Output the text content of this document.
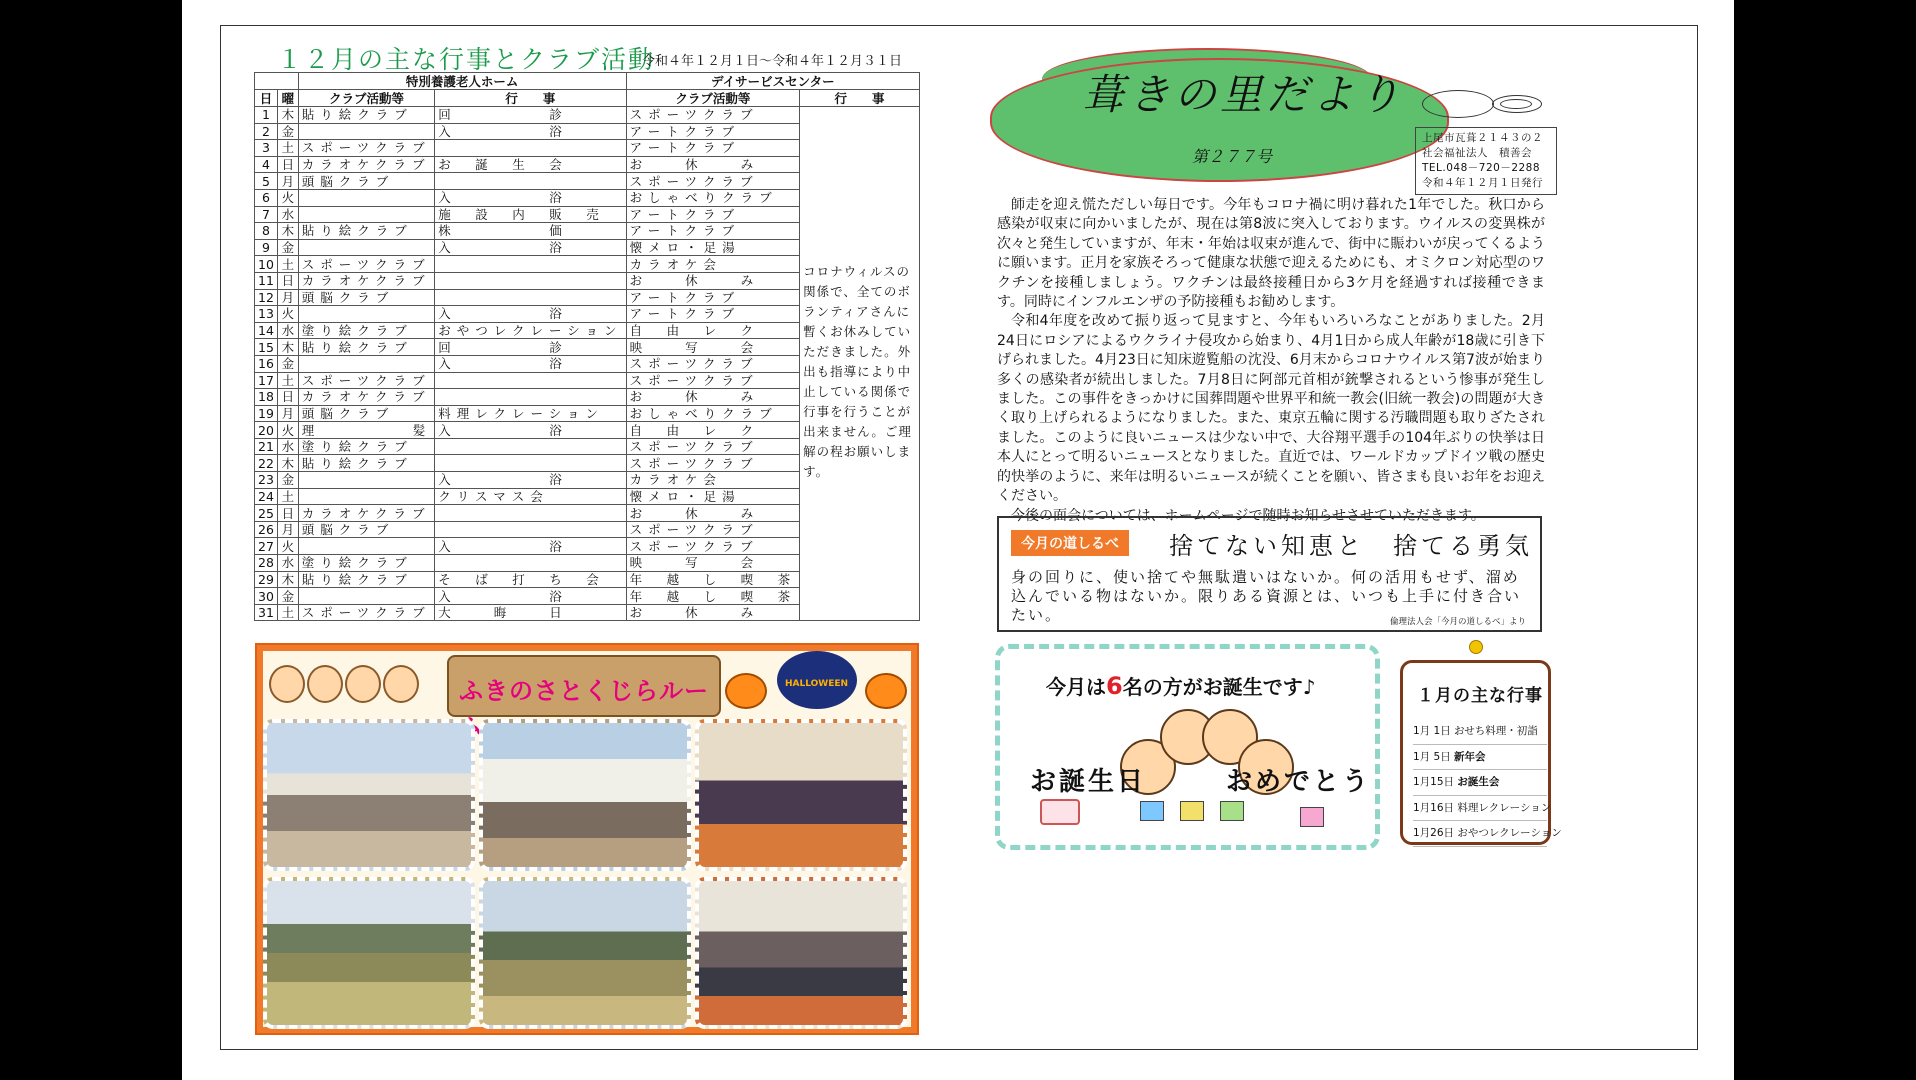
１２月の主な行事とクラブ活動
令和４年１２月１日～令和４年１２月３１日
		特別養護老人ホーム		デイサービスセンター	
日	曜	クラブ活動等	行　　事	クラブ活動等	行　　事
1	木	貼り絵クラブ	回　　　　　診	スポーツクラブ	コロナウィルスの関係で、全てのボランティアさんに暫くお休みしていただきました。外出も指導により中止している関係で行事を行うことが出来ません。ご理解の程お願いします。
2	金		入　　　　　浴	アートクラブ	
3	土	スポーツクラブ		アートクラブ	
4	日	カラオケクラブ	お　誕　生　会	お　　休　　み	
5	月	頭脳クラブ		スポーツクラブ	
6	火		入　　　　　浴	おしゃべりクラブ	
7	水		施　設　内　販　売	アートクラブ	
8	木	貼り絵クラブ	株　　　　　価	アートクラブ	
9	金		入　　　　　浴	懐メロ・足湯	
10	土	スポーツクラブ		カラオケ会	
11	日	カラオケクラブ		お　　休　　み	
12	月	頭脳クラブ		アートクラブ	
13	火		入　　　　　浴	アートクラブ	
14	水	塗り絵クラブ	おやつレクレーション	自　由　レ　ク	
15	木	貼り絵クラブ	回　　　　　診	映　　写　　会	
16	金		入　　　　　浴	スポーツクラブ	
17	土	スポーツクラブ		スポーツクラブ	
18	日	カラオケクラブ		お　　休　　み	
19	月	頭脳クラブ	料理レクレーション	おしゃべりクラブ	
20	火	理　　　　　髪	入　　　　　浴	自　由　レ　ク	
21	水	塗り絵クラブ		スポーツクラブ	
22	木	貼り絵クラブ		スポーツクラブ	
23	金		入　　　　　浴	カラオケ会	
24	土		クリスマス会	懐メロ・足湯	
25	日	カラオケクラブ		お　　休　　み	
26	月	頭脳クラブ		スポーツクラブ	
27	火		入　　　　　浴	スポーツクラブ	
28	水	塗り絵クラブ		映　　写　　会	
29	木	貼り絵クラブ	そ　ば　打　ち　会	年　越　し　喫　茶	
30	金		入　　　　　浴	年　越　し　喫　茶	
31	土	スポーツクラブ	大　　晦　　日	お　　休　　み	
ふきのさとくじらルー	HALLOWEEN
葺きの里だより
第２７７号
上尾市瓦葺２１４３の２
社会福祉法人　積善会
TEL.048－720－2288
令和４年１２月１日発行

師走を迎え慌ただしい毎日です。今年もコロナ禍に明け暮れた1年でした。秋口から感染が収束に向かいましたが、現在は第8波に突入しております。ウイルスの変異株が次々と発生していますが、年末・年始は収束が進んで、街中に賑わいが戻ってくるように願います。正月を家族そろって健康な状態で迎えるためにも、オミクロン対応型のワクチンを接種しましょう。ワクチンは最終接種日から3ケ月を経過すれば接種できます。同時にインフルエンザの予防接種もお勧めします。

令和4年度を改めて振り返って見ますと、今年もいろいろなことがありました。2月24日にロシアによるウクライナ侵攻から始まり、4月1日から成人年齢が18歳に引き下げられました。4月23日に知床遊覧船の沈没、6月末からコロナウイルス第7波が始まり多くの感染者が続出しました。7月8日に阿部元首相が銃撃されるという惨事が発生しました。この事件をきっかけに国葬問題や世界平和統一教会(旧統一教会)の問題が大きく取り上げられるようになりました。また、東京五輪に関する汚職問題も取りざたされました。このように良いニュースは少ない中で、大谷翔平選手の104年ぶりの快挙は日本人にとって明るいニュースとなりました。直近では、ワールドカップドイツ戦の歴史的快挙のように、来年は明るいニュースが続くことを願い、皆さまも良いお年をお迎えください。

今後の面会については、ホームページで随時お知らせさせていただきます。

今月の道しるべ	捨てない知恵と　捨てる勇気
身の回りに、使い捨てや無駄遣いはないか。何の活用もせず、溜め込んでいる物はないか。限りある資源とは、いつも上手に付き合いたい。	倫理法人会「今月の道しるべ」より
今月は6名の方がお誕生です♪
お誕生日	おめでとう
１月の主な行事
1月 1日 おせち料理・初詣
1月 5日 新年会
1月15日 お誕生会
1月16日 料理レクレーション
1月26日 おやつレクレーション
